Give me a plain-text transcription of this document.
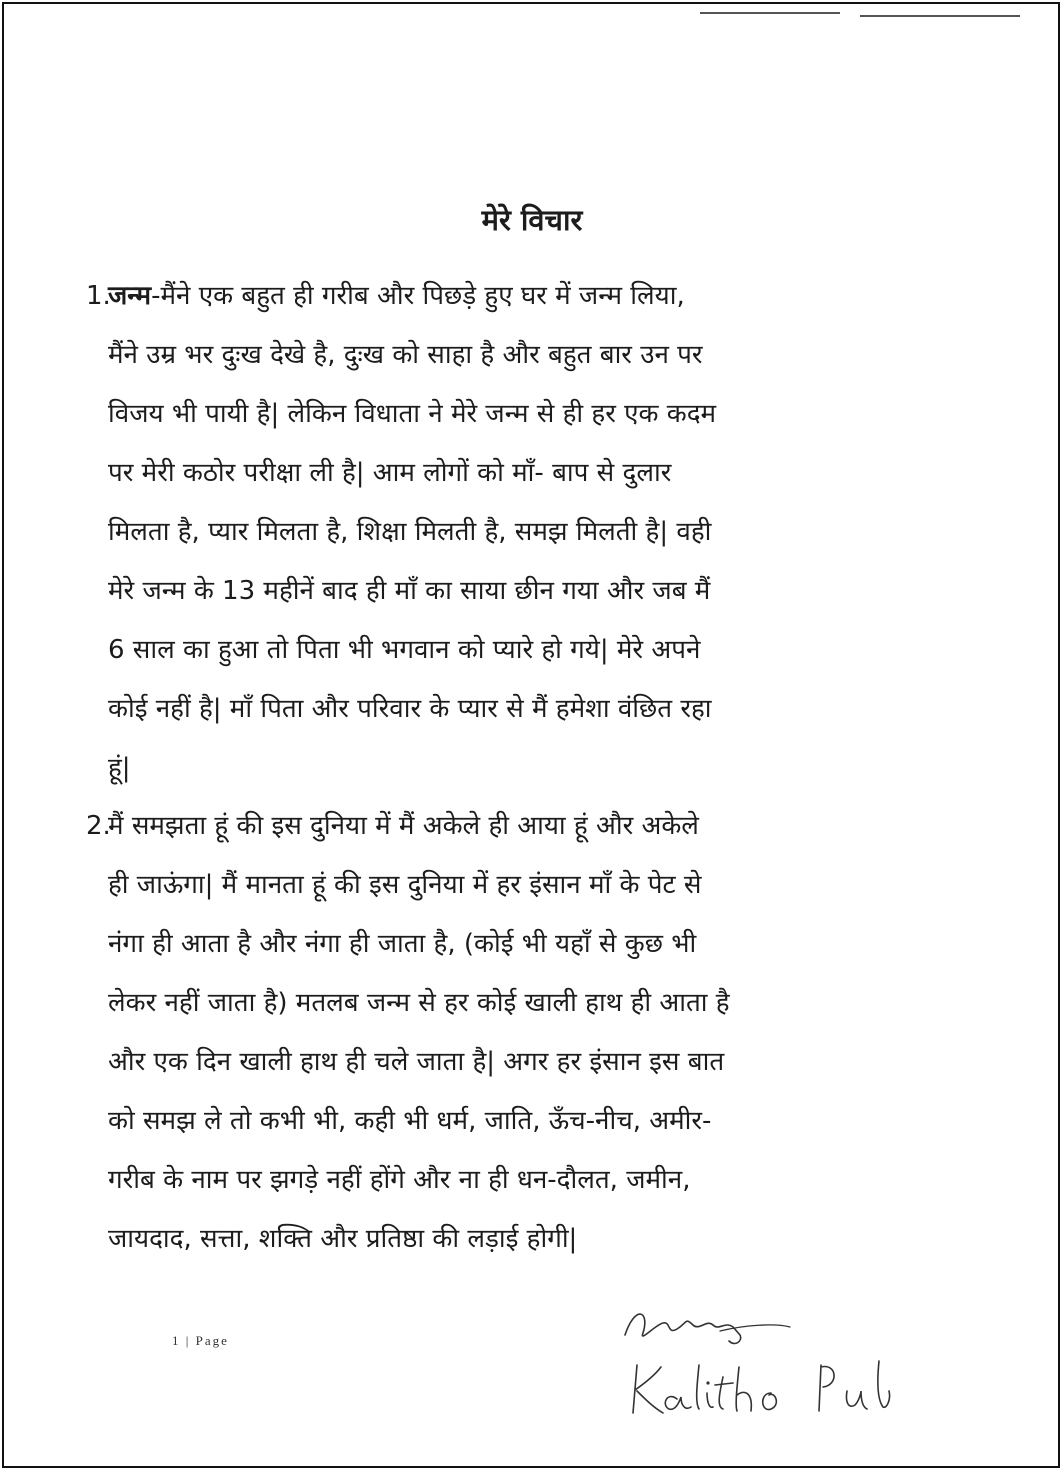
मेरे विचार
1.
जन्म-मैंने एक बहुत ही गरीब और पिछड़े हुए घर में जन्म लिया,
मैंने उम्र भर दुःख देखे है, दुःख को साहा है और बहुत बार उन पर
विजय भी पायी है| लेकिन विधाता ने मेरे जन्म से ही हर एक कदम
पर मेरी कठोर परीक्षा ली है| आम लोगों को माँ- बाप से दुलार
मिलता है, प्यार मिलता है, शिक्षा मिलती है, समझ मिलती है| वही
मेरे जन्म के 13 महीनें बाद ही माँ का साया छीन गया और जब मैं
6 साल का हुआ तो पिता भी भगवान को प्यारे हो गये| मेरे अपने
कोई नहीं है| माँ पिता और परिवार के प्यार से मैं हमेशा वंछित रहा
हूं|
2.
मैं समझता हूं की इस दुनिया में मैं अकेले ही आया हूं और अकेले
ही जाऊंगा| मैं मानता हूं की इस दुनिया में हर इंसान माँ के पेट से
नंगा ही आता है और नंगा ही जाता है, (कोई भी यहाँ से कुछ भी
लेकर नहीं जाता है) मतलब जन्म से हर कोई खाली हाथ ही आता है
और एक दिन खाली हाथ ही चले जाता है| अगर हर इंसान इस बात
को समझ ले तो कभी भी, कही भी धर्म, जाति, ऊँच-नीच, अमीर-
गरीब के नाम पर झगड़े नहीं होंगे और ना ही धन-दौलत, जमीन,
जायदाद, सत्ता, शक्ति और प्रतिष्ठा की लड़ाई होगी|
1 | Page
